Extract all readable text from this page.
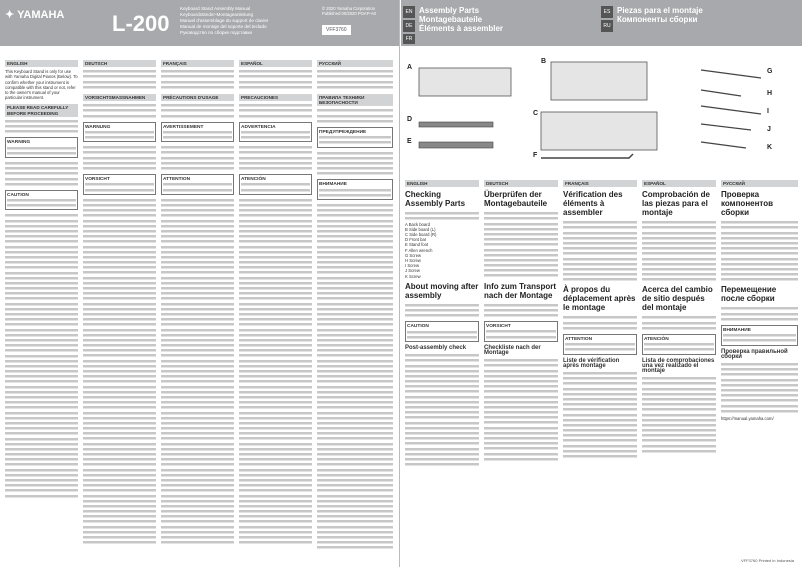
✦ YAMAHA L-200
Keyboard Stand Assembly Manual
Keyboardständer-Montageanleitung
Manuel d'assemblage du support de clavier
Manual de montaje del soporte del teclado
Руководство по сборке подставки
© 2020 Yamaha Corporation
Published 00/2020 POAP-A0
VFF3760
ENGLISH
This Keyboard Stand is only for use with Yamaha Digital Pianos (Below). To confirm whether your instrument is compatible with this stand or not, refer to the owner's manual of your particular instrument.
PLEASE READ CAREFULLY BEFORE PROCEEDING
WARNING
CAUTION
DEUTSCH
VORSICHTSMASSNAHMEN
WARNUNG
VORSICHT
FRANÇAIS
PRÉCAUTIONS D'USAGE
AVERTISSEMENT
ATTENTION
ESPAÑOL
PRECAUCIONES
ADVERTENCIA
ATENCIÓN
РУССКИЙ
ПРАВИЛА ТЕХНИКИ БЕЗОПАСНОСТИ
ПРЕДУПРЕЖДЕНИЕ
ВНИМАНИЕ
EN
DE
FR
Assembly Parts
Montagebauteile
Éléments à assembler
ES
RU
Piezas para el montaje
Компоненты сборки
A
B
C
D
E
F
G
H
I
J
K
ENGLISH
Checking Assembly Parts
A Back board
B Side board (L)
C Side board (R)
D Front bar
E Stand foot
F Allen wrench
G Screw
H Screw
I Screw
J Screw
K Screw
About moving after assembly
CAUTION
Post-assembly check
DEUTSCH
Überprüfen der Montagebauteile
Info zum Transport nach der Montage
VORSICHT
Checkliste nach der Montage
FRANÇAIS
Vérification des éléments à assembler
À propos du déplacement après le montage
ATTENTION
Liste de vérification après montage
ESPAÑOL
Comprobación de las piezas para el montaje
Acerca del cambio de sitio después del montaje
ATENCIÓN
Lista de comprobaciones una vez realizado el montaje
РУССКИЙ
Проверка компонентов сборки
Перемещение после сборки
ВНИМАНИЕ
Проверка правильной сборки
https://manual.yamaha.com/
VFF3760 Printed in Indonesia
